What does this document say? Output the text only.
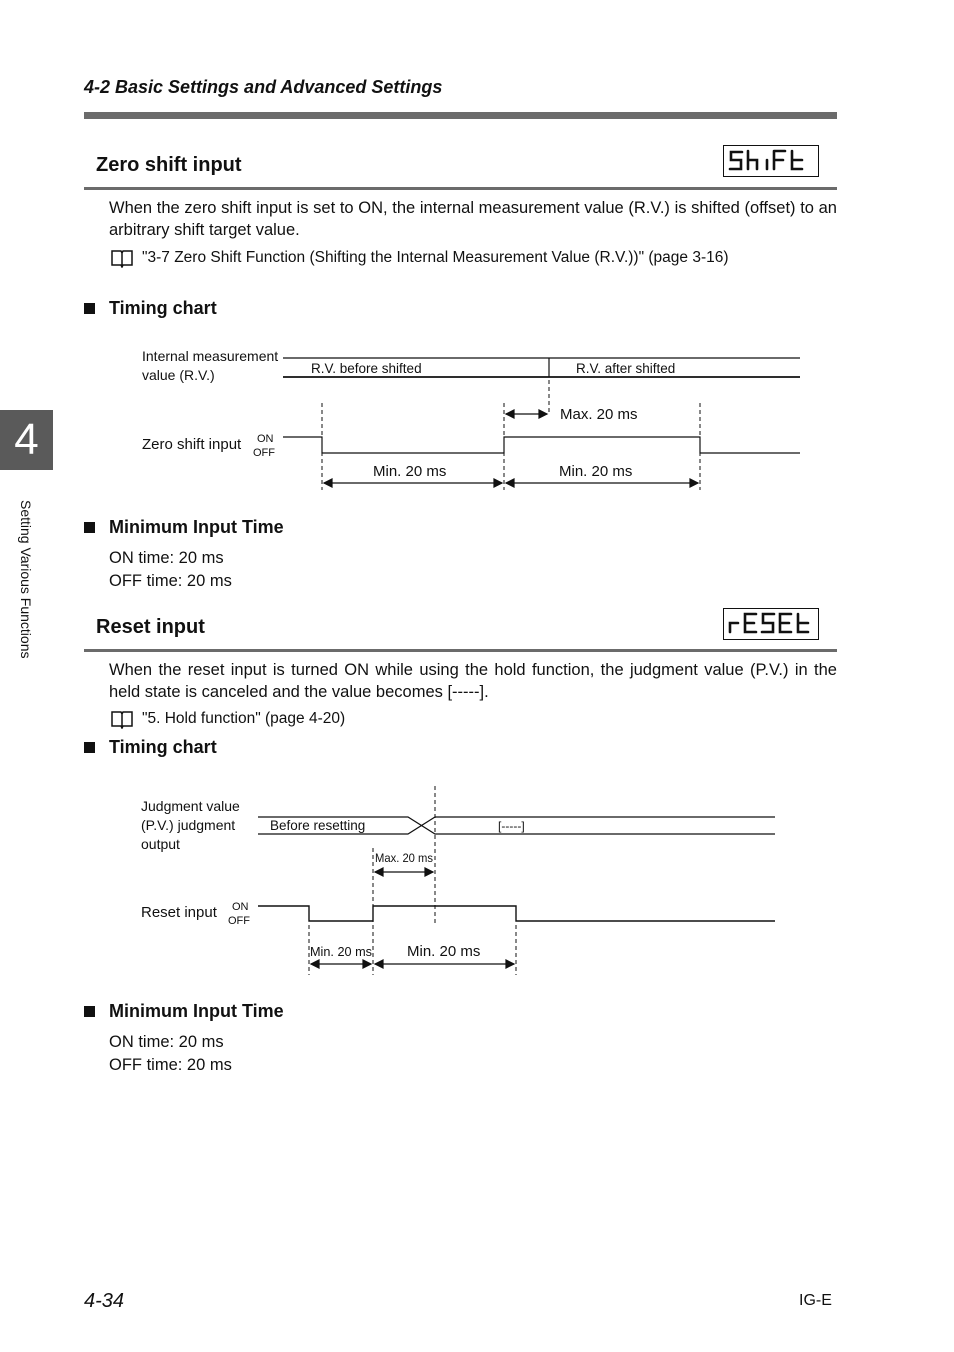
4-2 Basic Settings and Advanced Settings
4
Setting Various Functions
Zero shift input
When the zero shift input is set to ON, the internal measurement value (R.V.) is shifted (offset) to an arbitrary shift target value.
"3-7 Zero Shift Function (Shifting the Internal Measurement Value (R.V.))" (page 3-16)
Timing chart
Internal measurement
value (R.V.)	R.V. before shifted	R.V. after shifted
Zero shift input ON
OFF
Max. 20 ms
Min. 20 ms	Min. 20 ms
Minimum Input Time
ON time: 20 ms
OFF time: 20 ms
Reset input
When the reset input is turned ON while using the hold function, the judgment value (P.V.) in the held state is canceled and the value becomes [-----].
"5. Hold function" (page 4-20)
Timing chart
Judgment value
(P.V.) judgment
output
Before resetting	[-----]
Reset input ON
OFF
Max. 20 ms
Min. 20 ms Min. 20 ms
Minimum Input Time
ON time: 20 ms
OFF time: 20 ms
4-34	IG-E
